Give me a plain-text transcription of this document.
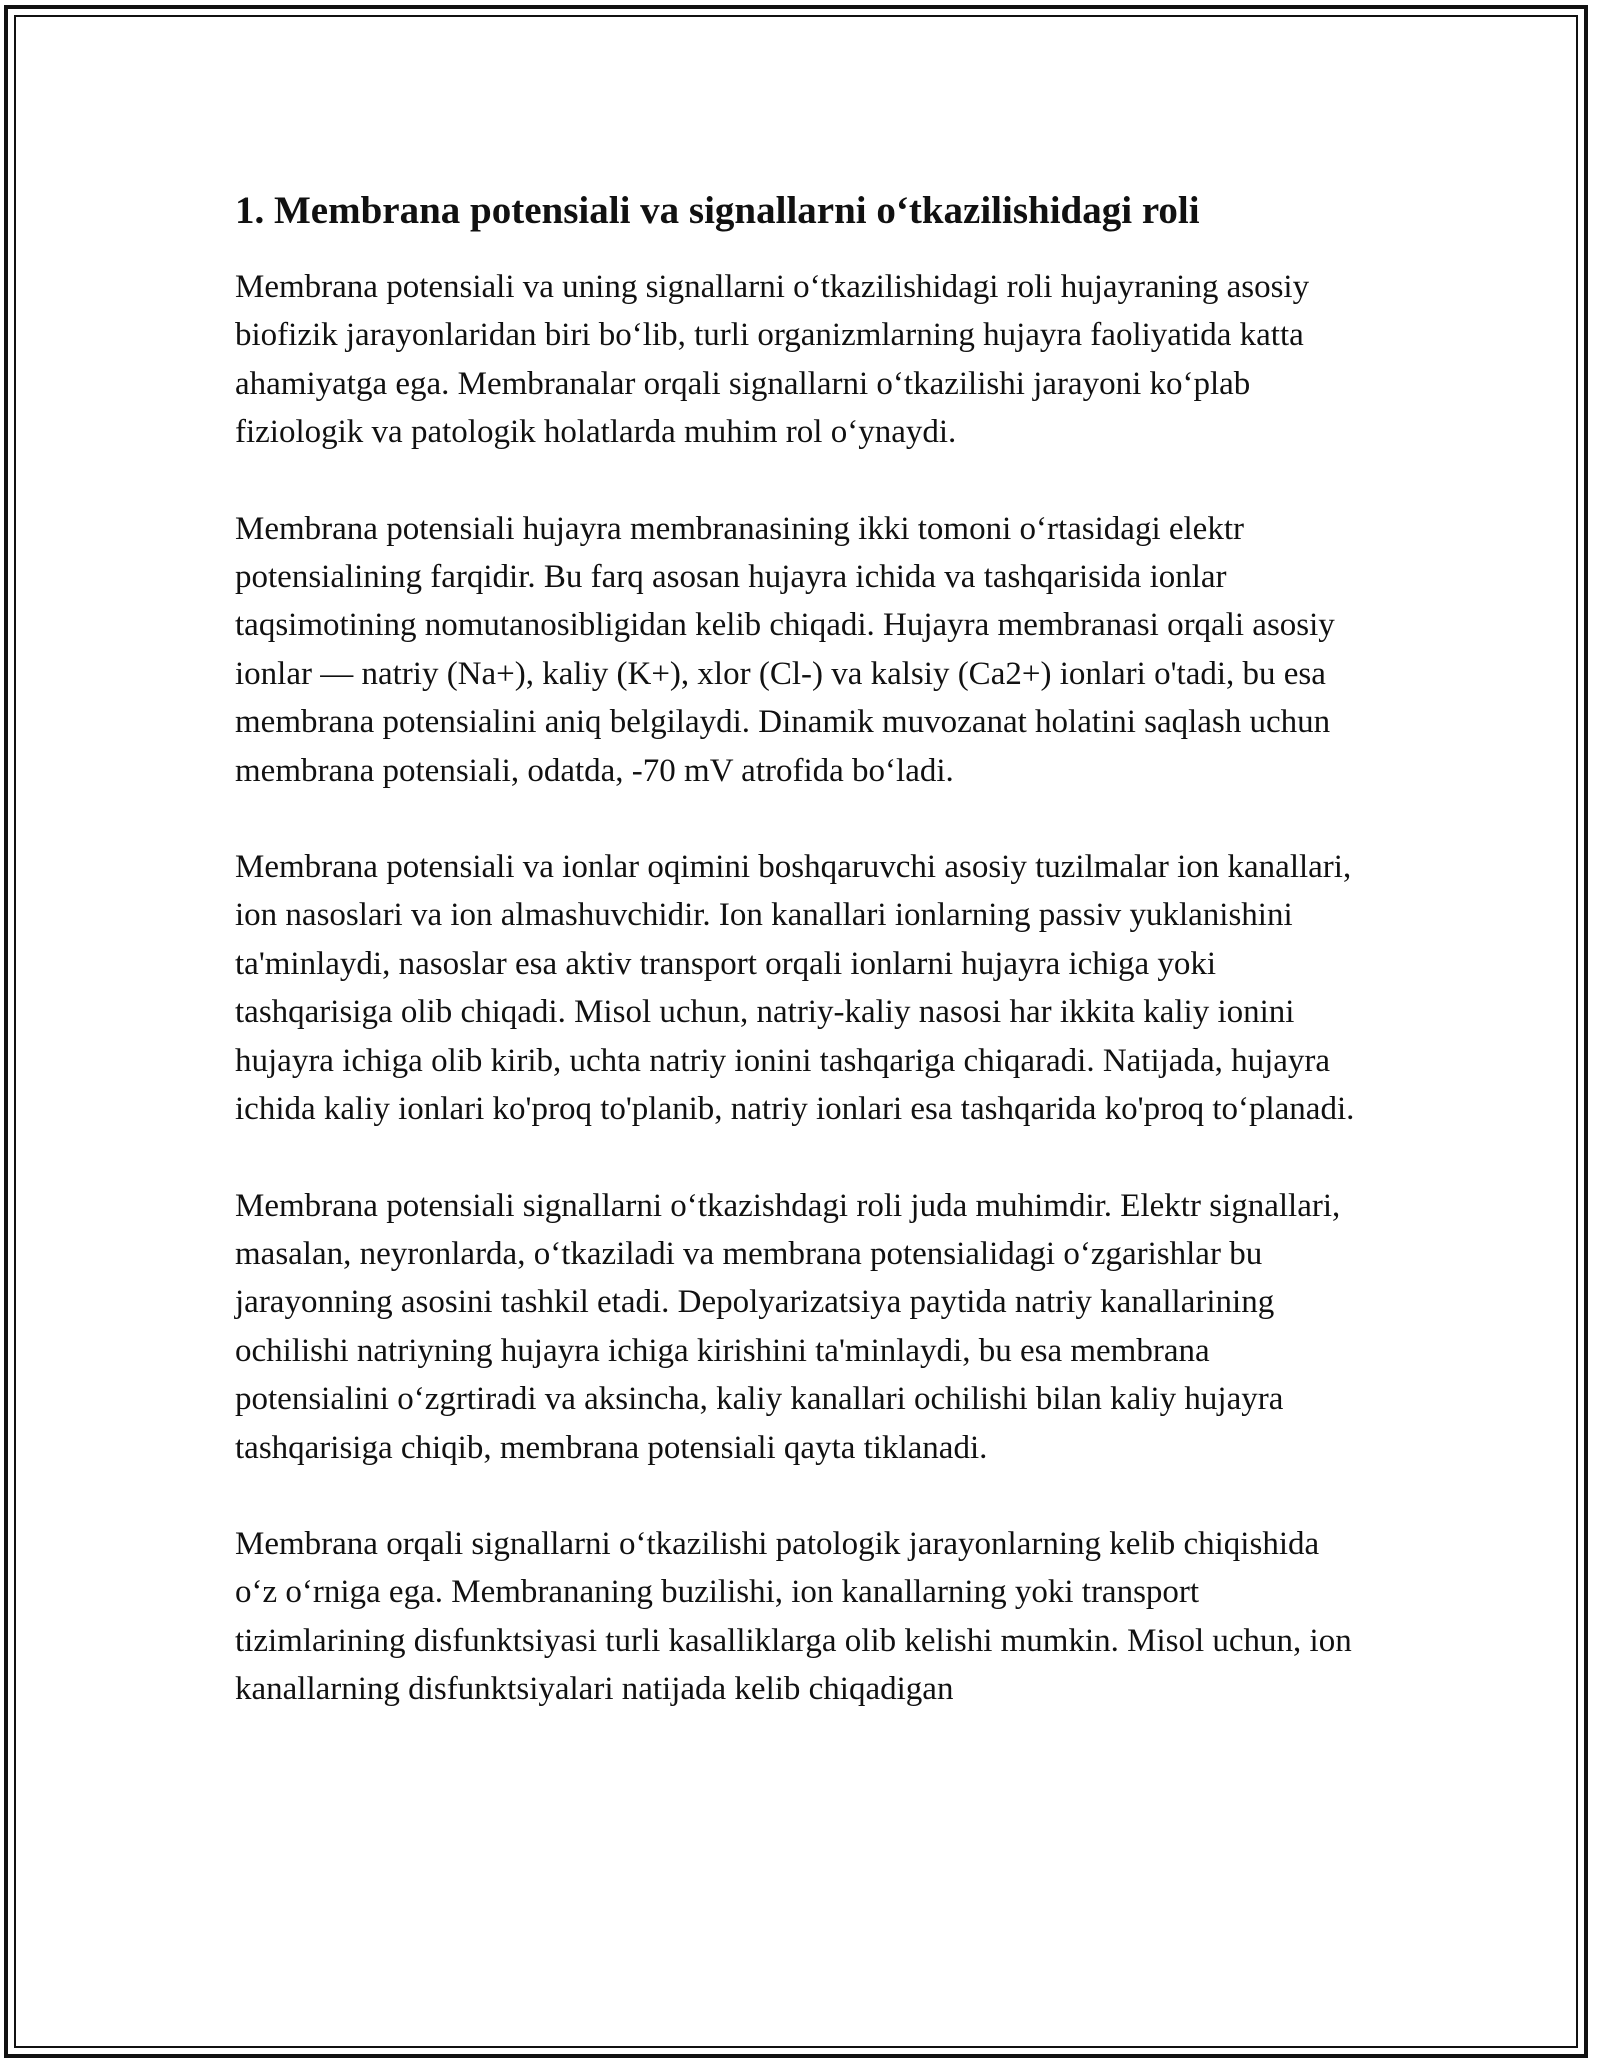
1. Membrana potensiali va signallarni o‘tkazilishidagi roli

Membrana potensiali va uning signallarni o‘tkazilishidagi roli hujayraning asosiy biofizik jarayonlaridan biri bo‘lib, turli organizmlarning hujayra faoliyatida katta ahamiyatga ega. Membranalar orqali signallarni o‘tkazilishi jarayoni ko‘plab fiziologik va patologik holatlarda muhim rol o‘ynaydi.

Membrana potensiali hujayra membranasining ikki tomoni o‘rtasidagi elektr potensialining farqidir. Bu farq asosan hujayra ichida va tashqarisida ionlar taqsimotining nomutanosibligidan kelib chiqadi. Hujayra membranasi orqali asosiy ionlar — natriy (Na+), kaliy (K+), xlor (Cl-) va kalsiy (Ca2+) ionlari o'tadi, bu esa membrana potensialini aniq belgilaydi. Dinamik muvozanat holatini saqlash uchun membrana potensiali, odatda, -70 mV atrofida bo‘ladi.

Membrana potensiali va ionlar oqimini boshqaruvchi asosiy tuzilmalar ion kanallari, ion nasoslari va ion almashuvchidir. Ion kanallari ionlarning passiv yuklanishini ta'minlaydi, nasoslar esa aktiv transport orqali ionlarni hujayra ichiga yoki tashqarisiga olib chiqadi. Misol uchun, natriy-kaliy nasosi har ikkita kaliy ionini hujayra ichiga olib kirib, uchta natriy ionini tashqariga chiqaradi. Natijada, hujayra ichida kaliy ionlari ko'proq to'planib, natriy ionlari esa tashqarida ko'proq to‘planadi.

Membrana potensiali signallarni o‘tkazishdagi roli juda muhimdir. Elektr signallari, masalan, neyronlarda, o‘tkaziladi va membrana potensialidagi o‘zgarishlar bu jarayonning asosini tashkil etadi. Depolyarizatsiya paytida natriy kanallarining ochilishi natriyning hujayra ichiga kirishini ta'minlaydi, bu esa membrana potensialini o‘zgrtiradi va aksincha, kaliy kanallari ochilishi bilan kaliy hujayra tashqarisiga chiqib, membrana potensiali qayta tiklanadi.

Membrana orqali signallarni o‘tkazilishi patologik jarayonlarning kelib chiqishida o‘z o‘rniga ega. Membrananing buzilishi, ion kanallarning yoki transport tizimlarining disfunktsiyasi turli kasalliklarga olib kelishi mumkin. Misol uchun, ion kanallarning disfunktsiyalari natijada kelib chiqadigan
